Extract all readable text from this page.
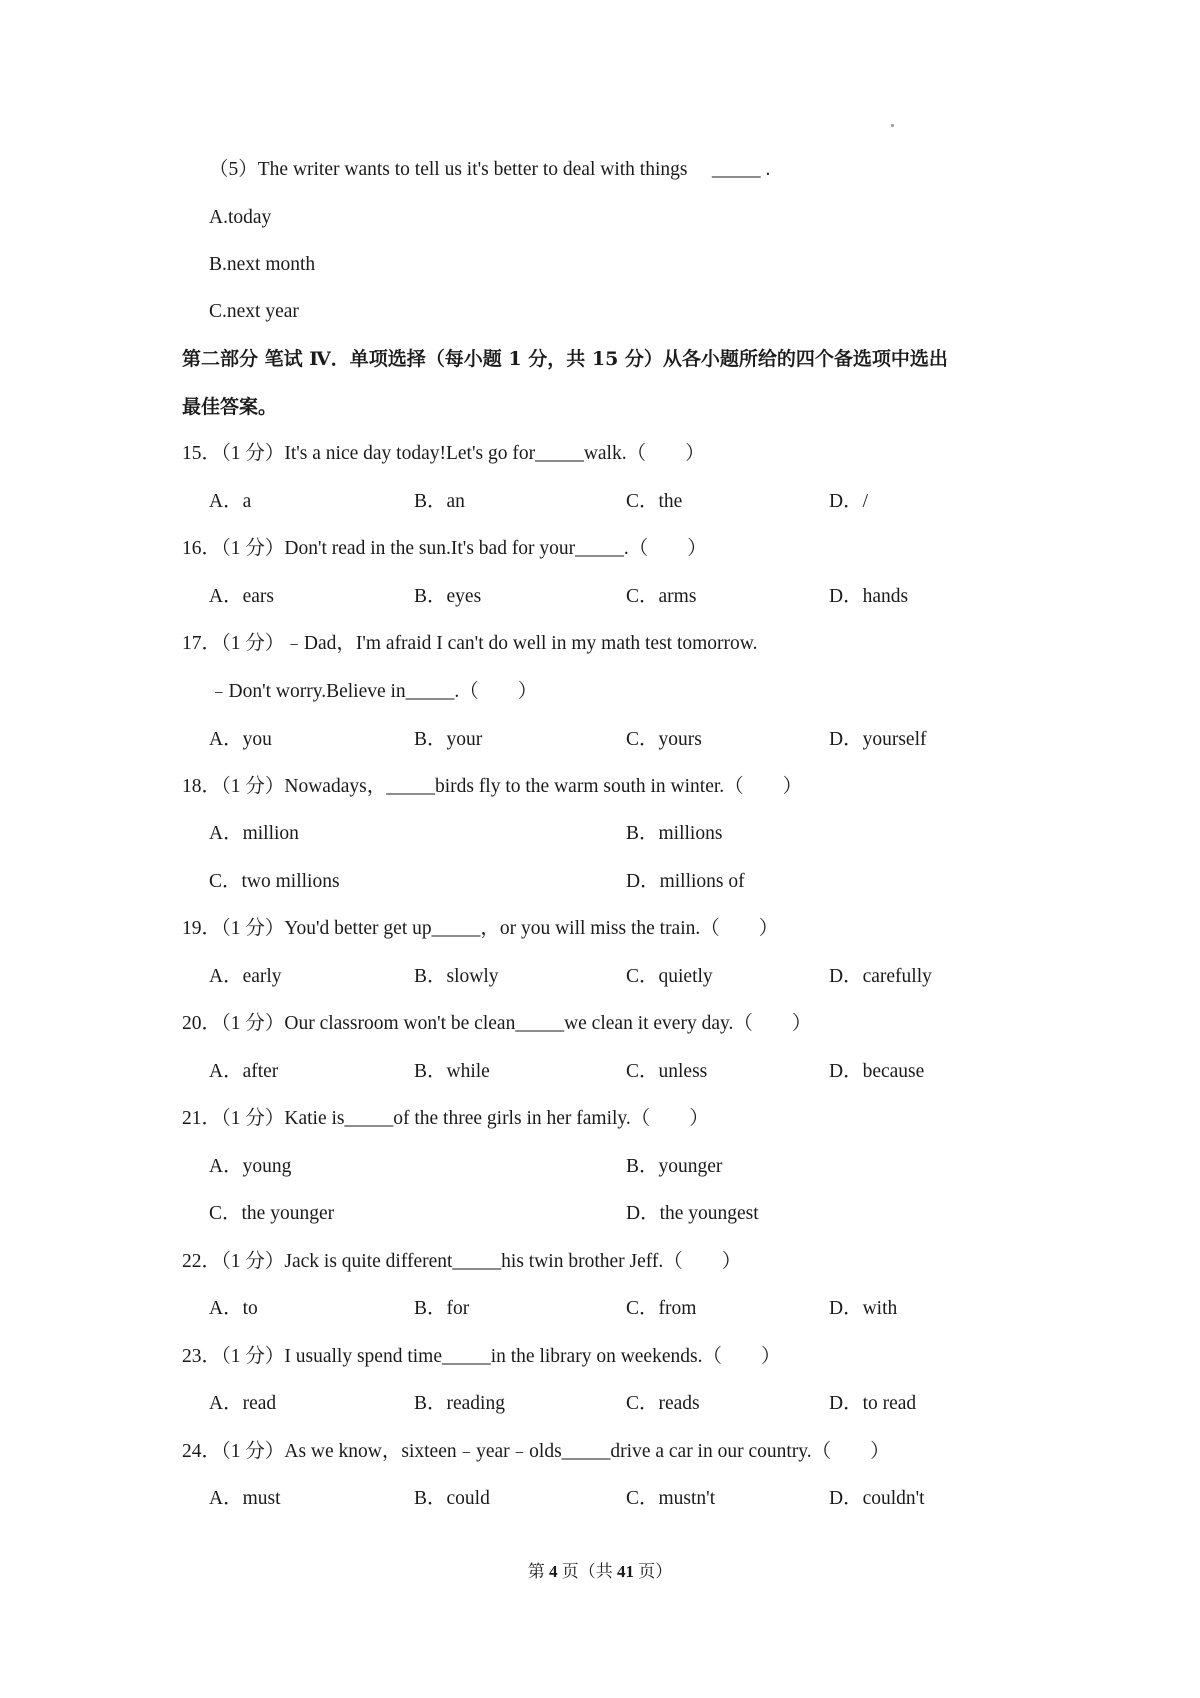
（5）The writer wants to tell us it's better to deal with things　 _____ .
A.today
B.next month
C.next year
第二部分 笔试 Ⅳ．单项选择（每小题 1 分，共 15 分）从各小题所给的四个备选项中选出
最佳答案。
15．（1 分）It's a nice day today!Let's go for_____walk.（　　）
A．a	B．an	C．the	D．/
16．（1 分）Don't read in the sun.It's bad for your_____.（　　）
A．ears	B．eyes	C．arms	D．hands
17．（1 分）﹣Dad，I'm afraid I can't do well in my math test tomorrow.
﹣Don't worry.Believe in_____.（　　）
A．you	B．your	C．yours	D．yourself
18．（1 分）Nowadays，_____birds fly to the warm south in winter.（　　）
A．million	B．millions
C．two millions	D．millions of
19．（1 分）You'd better get up_____，or you will miss the train.（　　）
A．early	B．slowly	C．quietly	D．carefully
20．（1 分）Our classroom won't be clean_____we clean it every day.（　　）
A．after	B．while	C．unless	D．because
21．（1 分）Katie is_____of the three girls in her family.（　　）
A．young	B．younger
C．the younger	D．the youngest
22．（1 分）Jack is quite different_____his twin brother Jeff.（　　）
A．to	B．for	C．from	D．with
23．（1 分）I usually spend time_____in the library on weekends.（　　）
A．read	B．reading	C．reads	D．to read
24．（1 分）As we know，sixteen﹣year﹣olds_____drive a car in our country.（　　）
A．must	B．could	C．mustn't	D．couldn't
第 4 页（共 41 页）
